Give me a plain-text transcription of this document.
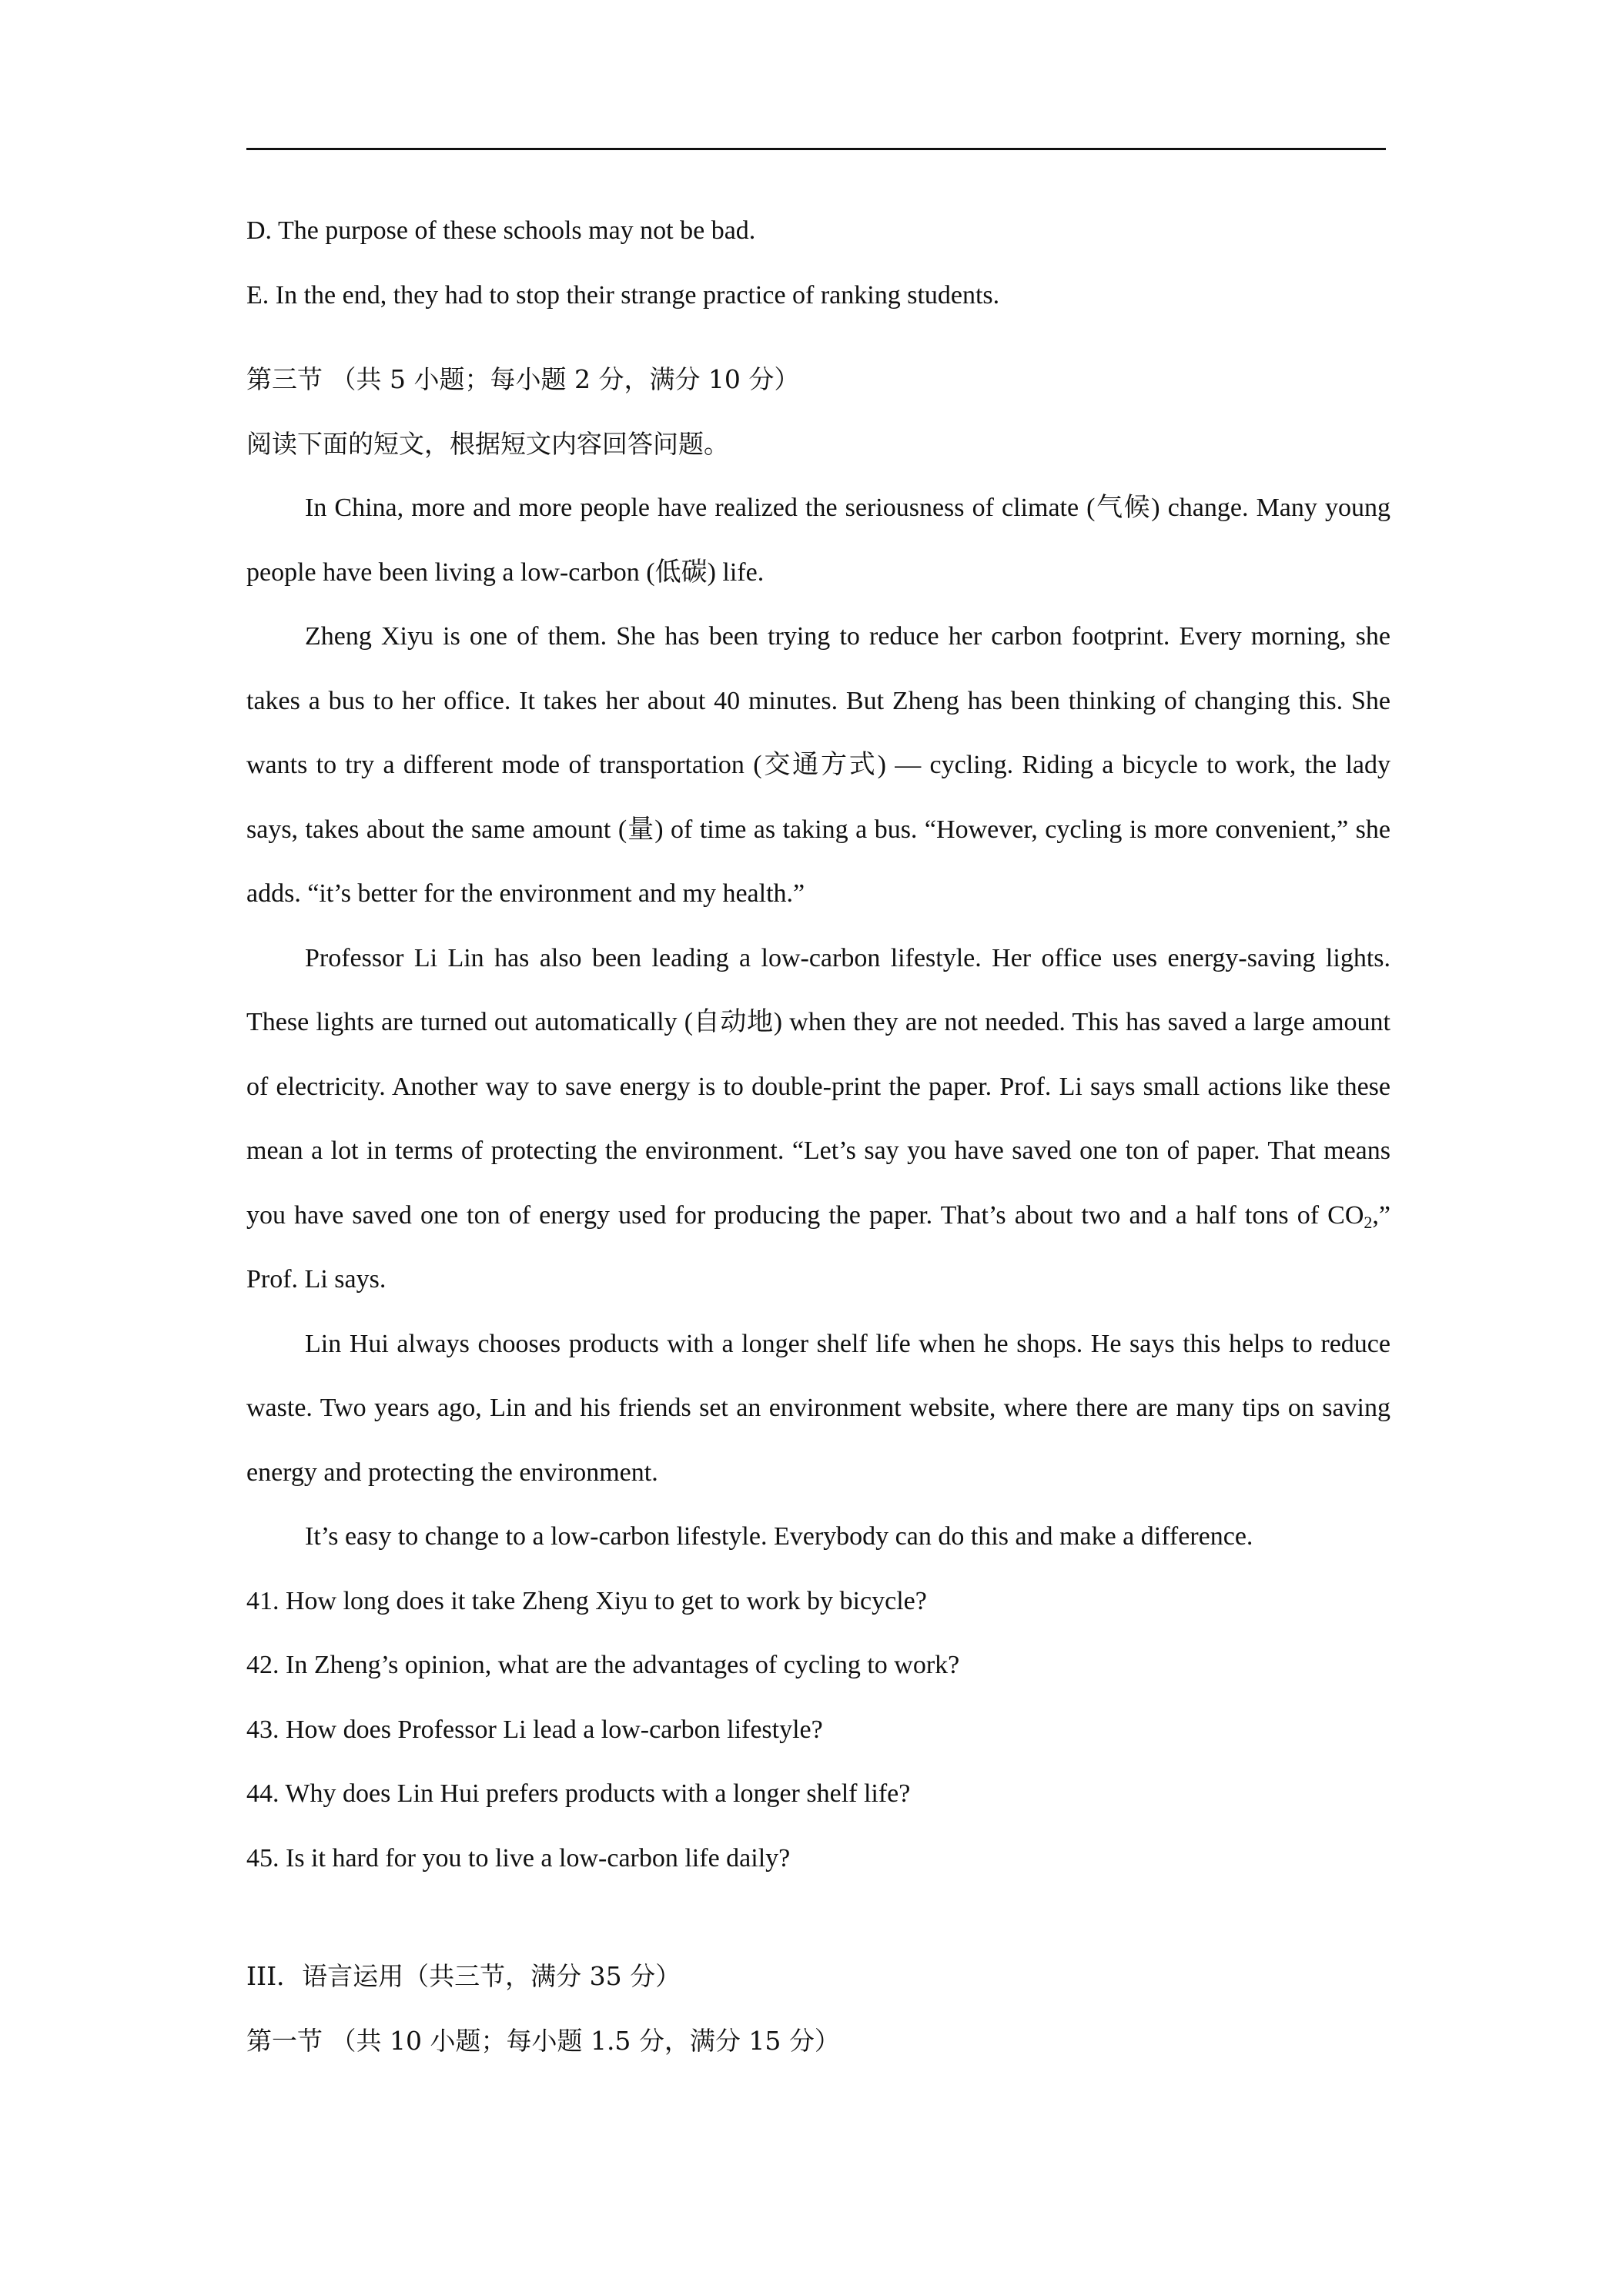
D. The purpose of these schools may not be bad.
E. In the end, they had to stop their strange practice of ranking students.
第三节 （共 5 小题；每小题 2 分，满分 10 分）
阅读下面的短文，根据短文内容回答问题。

In China, more and more people have realized the seriousness of climate (气候) change. Many young people have been living a low-carbon (低碳) life.

Zheng Xiyu is one of them. She has been trying to reduce her carbon footprint. Every morning, she takes a bus to her office. It takes her about 40 minutes. But Zheng has been thinking of changing this. She wants to try a different mode of transportation (交通方式) — cycling. Riding a bicycle to work, the lady says, takes about the same amount (量) of time as taking a bus. “However, cycling is more convenient,” she adds. “it’s better for the environment and my health.”

Professor Li Lin has also been leading a low-carbon lifestyle. Her office uses energy-saving lights. These lights are turned out automatically (自动地) when they are not needed. This has saved a large amount of electricity. Another way to save energy is to double-print the paper. Prof. Li says small actions like these mean a lot in terms of protecting the environment. “Let’s say you have saved one ton of paper. That means you have saved one ton of energy used for producing the paper. That’s about two and a half tons of $CO_2$,” Prof. Li says.

Lin Hui always chooses products with a longer shelf life when he shops. He says this helps to reduce waste. Two years ago, Lin and his friends set an environment website, where there are many tips on saving energy and protecting the environment.

It’s easy to change to a low-carbon lifestyle. Everybody can do this and make a difference.

41. How long does it take Zheng Xiyu to get to work by bicycle?
42. In Zheng’s opinion, what are the advantages of cycling to work?
43. How does Professor Li lead a low-carbon lifestyle?
44. Why does Lin Hui prefers products with a longer shelf life?
45. Is it hard for you to live a low-carbon life daily?
III．语言运用（共三节，满分 35 分）
第一节 （共 10 小题；每小题 1.5 分，满分 15 分）
